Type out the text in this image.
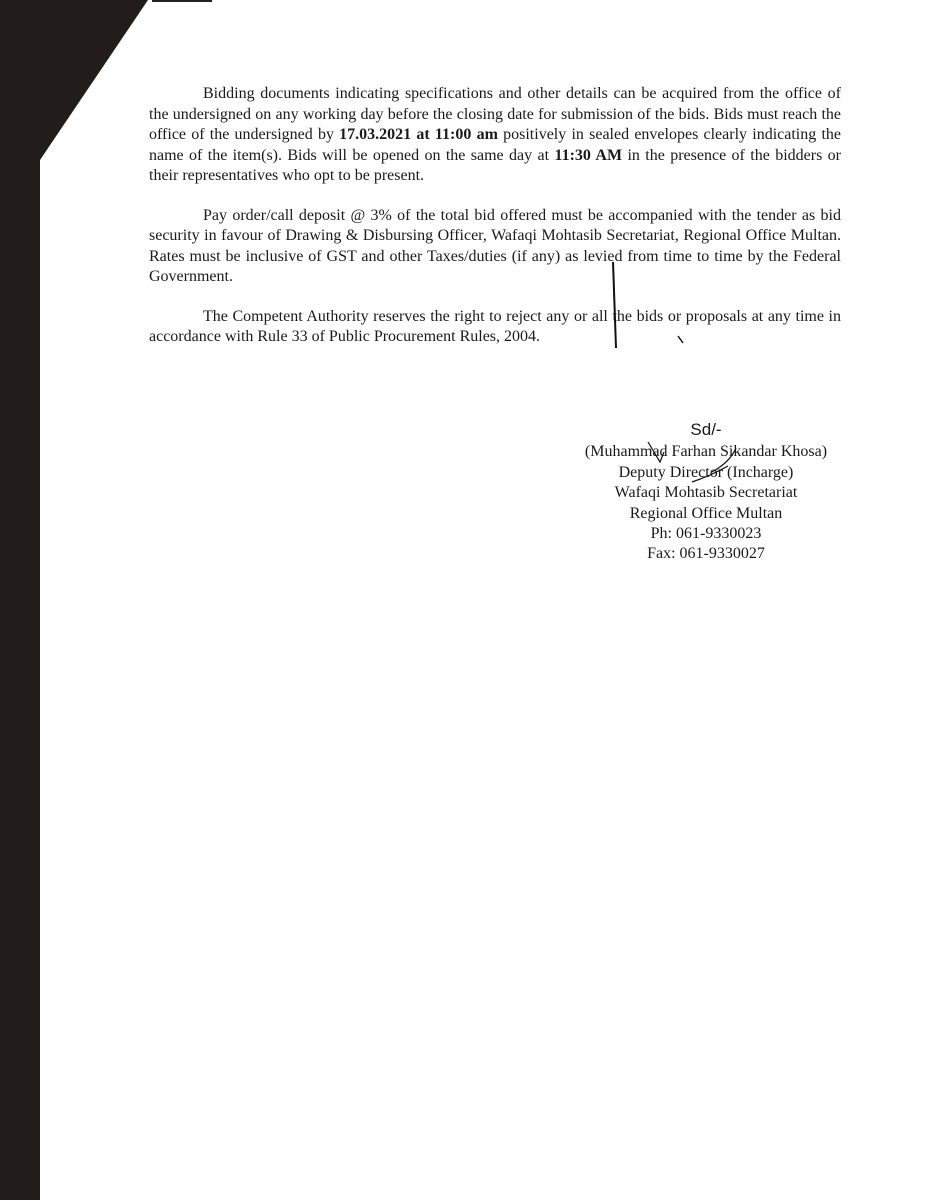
Bidding documents indicating specifications and other details can be acquired from the office of the undersigned on any working day before the closing date for submission of the bids. Bids must reach the office of the undersigned by 17.03.2021 at 11:00 am positively in sealed envelopes clearly indicating the name of the item(s). Bids will be opened on the same day at 11:30 AM in the presence of the bidders or their representatives who opt to be present.

Pay order/call deposit @ 3% of the total bid offered must be accompanied with the tender as bid security in favour of Drawing & Disbursing Officer, Wafaqi Mohtasib Secretariat, Regional Office Multan. Rates must be inclusive of GST and other Taxes/duties (if any) as levied from time to time by the Federal Government.

The Competent Authority reserves the right to reject any or all the bids or proposals at any time in accordance with Rule 33 of Public Procurement Rules, 2004.

Sd/-
(Muhammad Farhan Sikandar Khosa)
Deputy Director (Incharge)
Wafaqi Mohtasib Secretariat
Regional Office Multan
Ph: 061-9330023
Fax: 061-9330027
